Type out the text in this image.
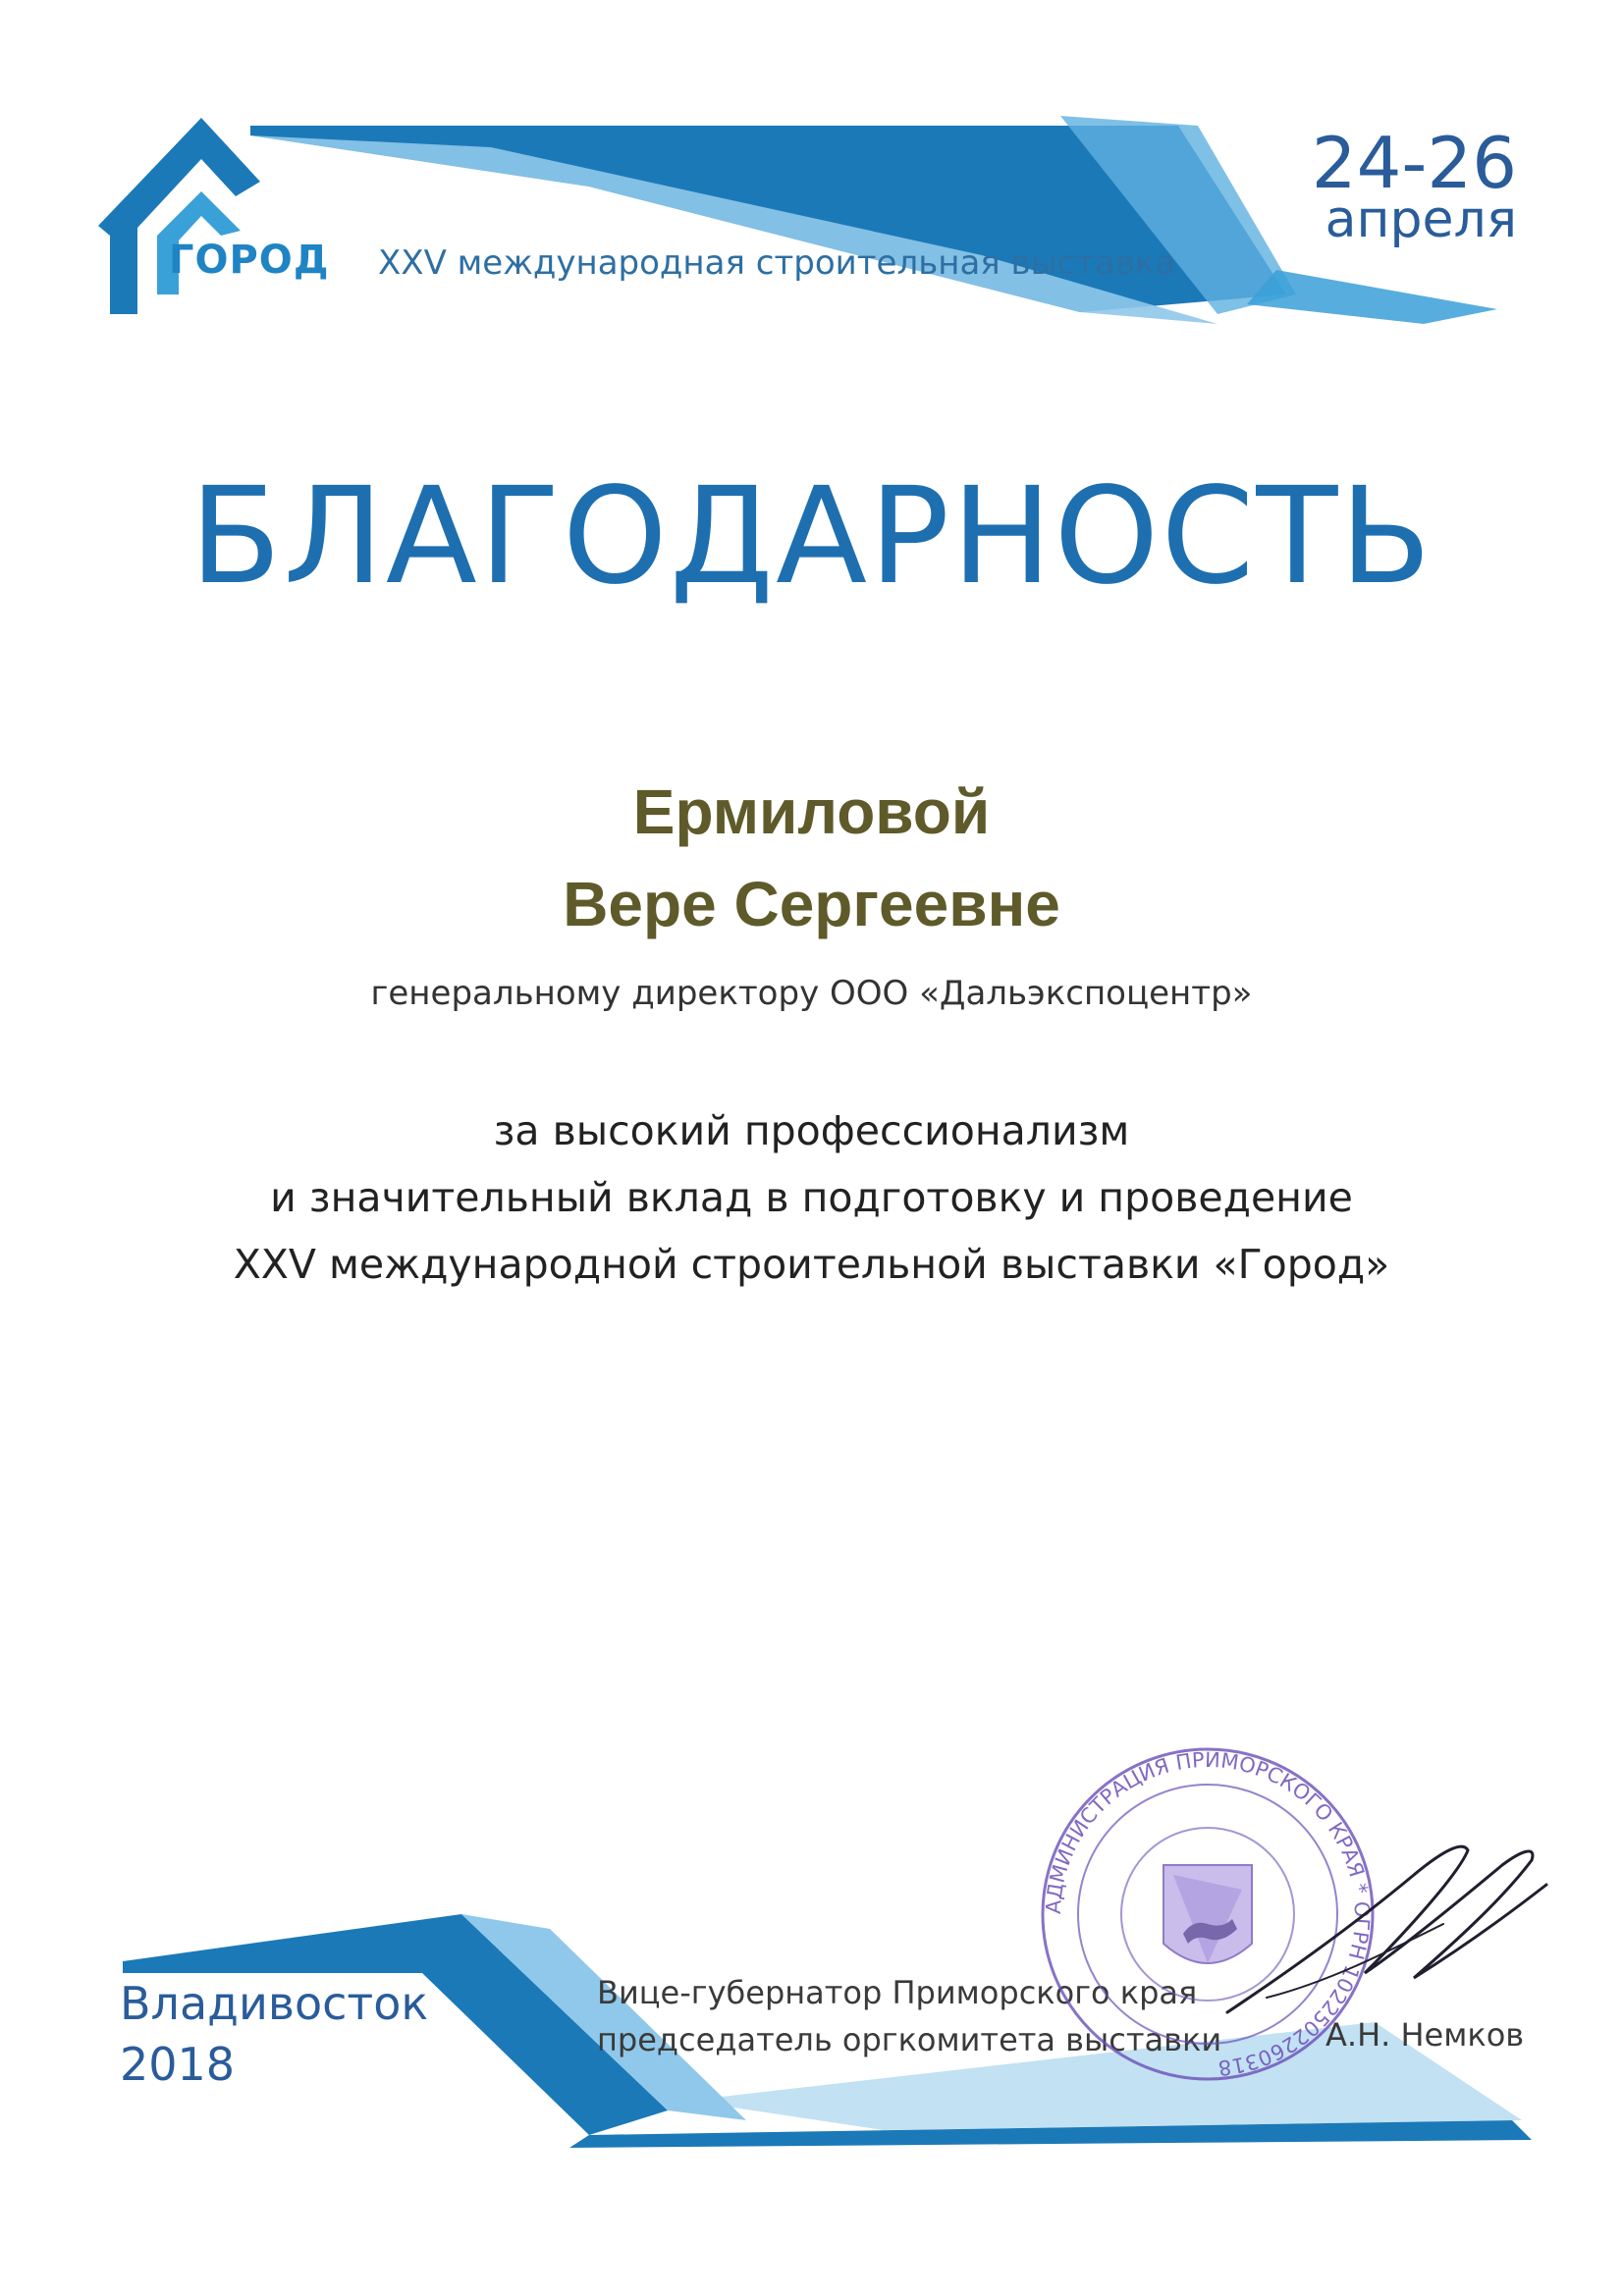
ГОРОД XXV международная строительная выставка
24-26
апреля
БЛАГОДАРНОСТЬ
Ермиловой
Вере Сергеевне
генеральному директору ООО «Дальэкспоцентр»
за высокий профессионализм
и значительный вклад в подготовку и проведение
XXV международной строительной выставки «Город»
Владивосток
2018
Вице-губернатор Приморского края
председатель оргкомитета выставки	А.Н. Немков
АДМИНИСТРАЦИЯ ПРИМОРСКОГО КРАЯ * ОГРН 1022502260318
